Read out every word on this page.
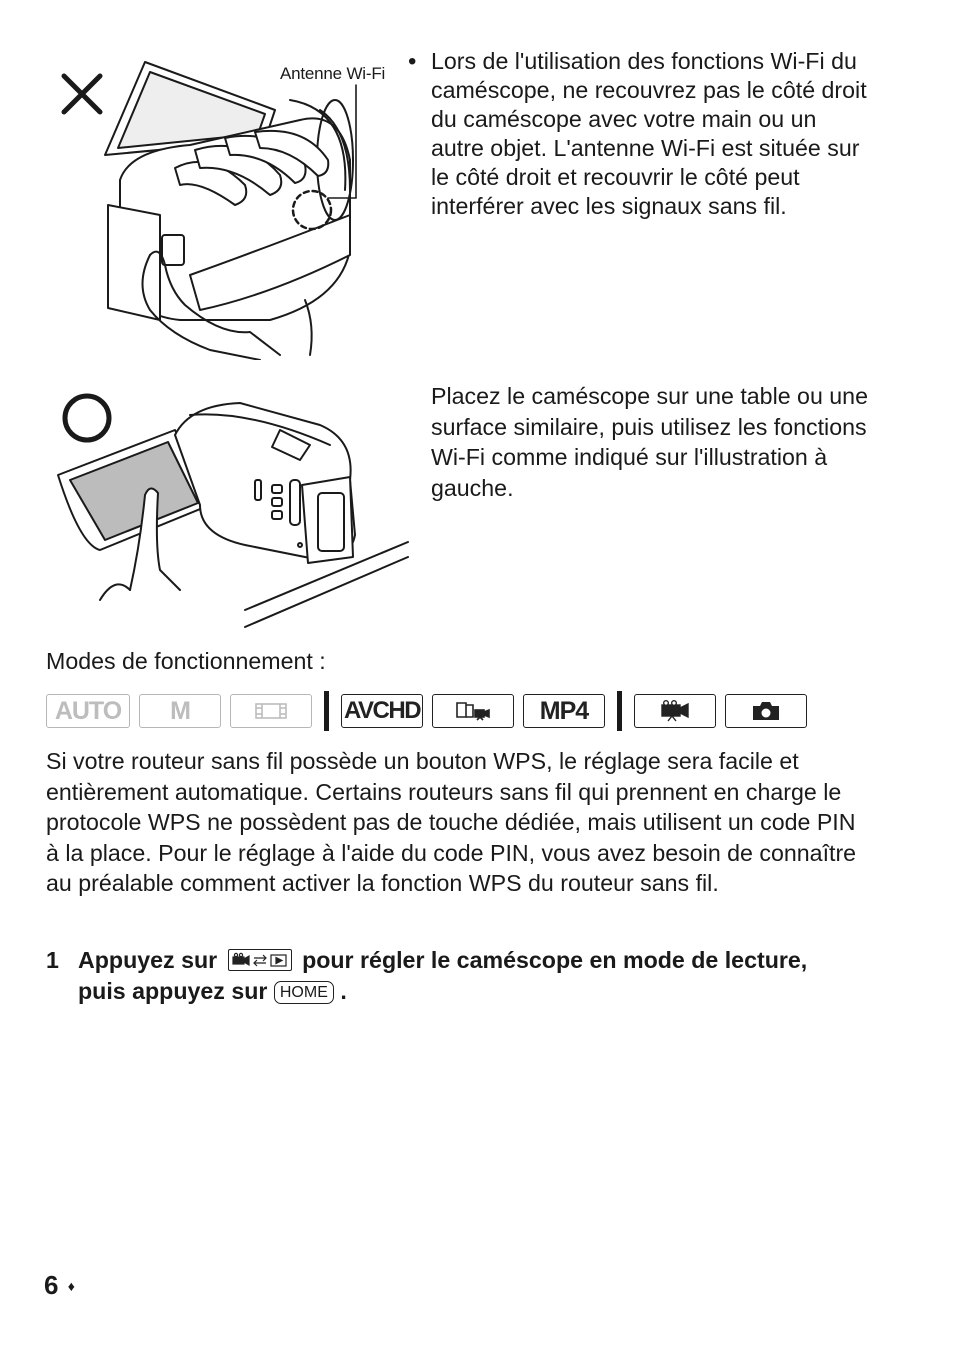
Antenne Wi-Fi	• Lors de l'utilisation des fonctions Wi-Fi du caméscope, ne recouvrez pas le côté droit du caméscope avec votre main ou un autre objet. L'antenne Wi-Fi est située sur le côté droit et recouvrir le côté peut interférer avec les signaux sans fil.
Placez le caméscope sur une table ou une surface similaire, puis utilisez les fonctions Wi-Fi comme indiqué sur l'illustration à gauche.
Modes de fonctionnement :
AUTO	M	AVCHD	MP4
Si votre routeur sans fil possède un bouton WPS, le réglage sera facile et entièrement automatique. Certains routeurs sans fil qui prennent en charge le protocole WPS ne possèdent pas de touche dédiée, mais utilisent un code PIN à la place. Pour le réglage à l'aide du code PIN, vous avez besoin de connaître au préalable comment activer la fonction WPS du routeur sans fil.
1 Appuyez sur	pour régler le caméscope en mode de lecture,
puis appuyez sur HOME .
6 ♦
